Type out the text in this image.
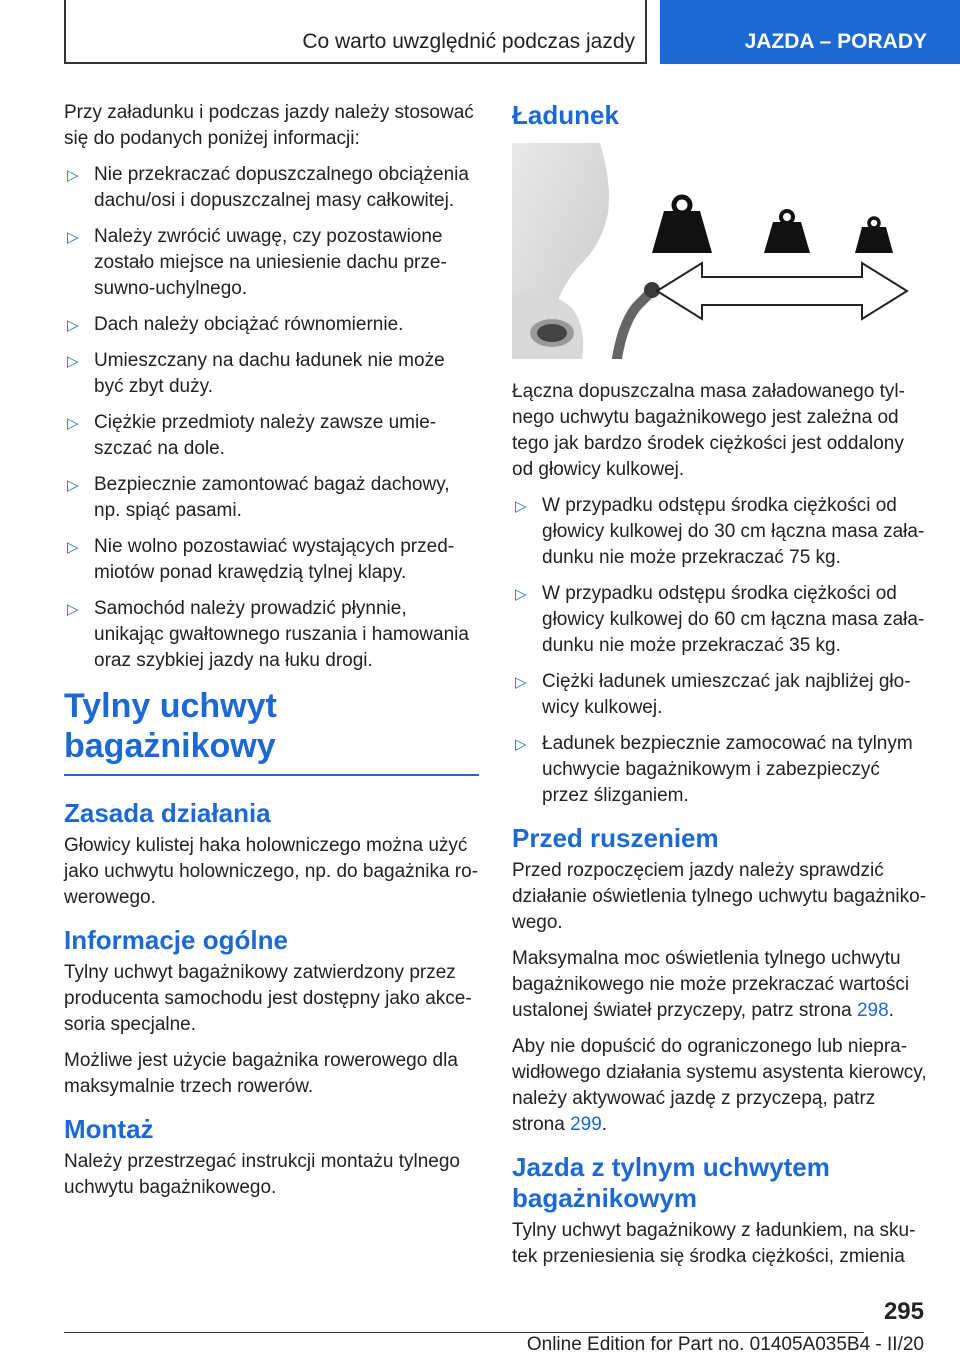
Co warto uwzględnić podczas jazdy	JAZDA – PORADY

Przy załadunku i podczas jazdy należy stosować się do podanych poniżej informacji:

▷ Nie przekraczać dopuszczalnego obciążenia dachu/osi i dopuszczalnej masy całkowitej.
▷ Należy zwrócić uwagę, czy pozostawione zostało miejsce na uniesienie dachu przesuwno-uchylnego.
▷ Dach należy obciążać równomiernie.
▷ Umieszczany na dachu ładunek nie może być zbyt duży.
▷ Ciężkie przedmioty należy zawsze umieszczać na dole.
▷ Bezpiecznie zamontować bagaż dachowy, np. spiąć pasami.
▷ Nie wolno pozostawiać wystających przedmiotów ponad krawędzią tylnej klapy.
▷ Samochód należy prowadzić płynnie, unikając gwałtownego ruszania i hamowania oraz szybkiej jazdy na łuku drogi.
Tylny uchwyt bagażnikowy
Zasada działania

Głowicy kulistej haka holowniczego można użyć jako uchwytu holowniczego, np. do bagażnika rowerowego.

Informacje ogólne

Tylny uchwyt bagażnikowy zatwierdzony przez producenta samochodu jest dostępny jako akcesoria specjalne.

Możliwe jest użycie bagażnika rowerowego dla maksymalnie trzech rowerów.

Montaż

Należy przestrzegać instrukcji montażu tylnego uchwytu bagażnikowego.

Ładunek

Łączna dopuszczalna masa załadowanego tylnego uchwytu bagażnikowego jest zależna od tego jak bardzo środek ciężkości jest oddalony od głowicy kulkowej.

▷ W przypadku odstępu środka ciężkości od głowicy kulkowej do 30 cm łączna masa załadunku nie może przekraczać 75 kg.
▷ W przypadku odstępu środka ciężkości od głowicy kulkowej do 60 cm łączna masa załadunku nie może przekraczać 35 kg.
▷ Ciężki ładunek umieszczać jak najbliżej głowicy kulkowej.
▷ Ładunek bezpiecznie zamocować na tylnym uchwycie bagażnikowym i zabezpieczyć przez ślizganiem.
Przed ruszeniem

Przed rozpoczęciem jazdy należy sprawdzić działanie oświetlenia tylnego uchwytu bagażnikowego.

Maksymalna moc oświetlenia tylnego uchwytu bagażnikowego nie może przekraczać wartości ustalonej świateł przyczepy, patrz strona 298.

Aby nie dopuścić do ograniczonego lub nieprawidłowego działania systemu asystenta kierowcy, należy aktywować jazdę z przyczepą, patrz strona 299.

Jazda z tylnym uchwytem bagażnikowym

Tylny uchwyt bagażnikowy z ładunkiem, na skutek przeniesienia się środka ciężkości, zmienia

295
Online Edition for Part no. 01405A035B4 - II/20
